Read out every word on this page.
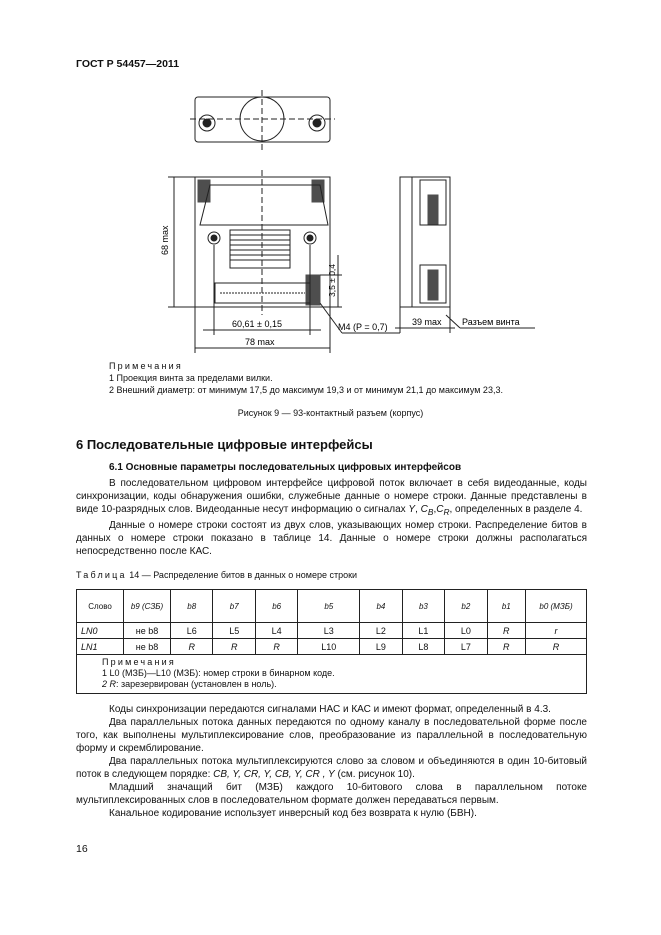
ГОСТ Р 54457—2011
68 max
3,5 ± 0,4
60,61 ± 0,15
78 max
M4 (P = 0,7)	39 max Разъем винта
Примечания
1 Проекция винта за пределами вилки.
2 Внешний диаметр: от минимум 17,5 до максимум 19,3 и от минимум 21,1 до максимум 23,3.
Рисунок 9 — 93-контактный разъем (корпус)
6 Последовательные цифровые интерфейсы
6.1 Основные параметры последовательных цифровых интерфейсов

В последовательном цифровом интерфейсе цифровой поток включает в себя видеоданные, коды синхронизации, коды обнаружения ошибки, служебные данные о номере строки. Данные представлены в виде 10-разрядных слов. Видеоданные несут информацию о сигналах Y, $C_B,C_R$, определенных в разделе 4.

Данные о номере строки состоят из двух слов, указывающих номер строки. Распределение битов в данных о номере строки показано в таблице 14. Данные о номере строки должны располагаться непосредственно после КАС.

Таблица 14 — Распределение битов в данных о номере строки
Слово	b9 (СЗБ)	b8	b7	b6	b5	b4	b3	b2	b1	b0 (МЗБ)
LN0	не b8	L6	L5	L4	L3	L2	L1	L0	R	r
LN1	не b8	R	R	R	L10	L9	L8	L7	R	R

Примечания
1 L0 (МЗБ)—L10 (МЗБ): номер строки в бинарном коде.
2 R: зарезервирован (установлен в ноль).										

Коды синхронизации передаются сигналами НАС и КАС и имеют формат, определенный в 4.3.

Два параллельных потока данных передаются по одному каналу в последовательной форме после того, как выполнены мультиплексирование слов, преобразование из параллельной в последовательную форму и скремблирование.

Два параллельных потока мультиплексируются слово за словом и объединяются в один 10-битовый поток в следующем порядке: CB, Y, CR, Y, CB, Y, CR , Y (см. рисунок 10).

Младший значащий бит (МЗБ) каждого 10-битового слова в параллельном потоке мультиплексированных слов в последовательном формате должен передаваться первым.

Канальное кодирование использует инверсный код без возврата к нулю (БВН).

16
